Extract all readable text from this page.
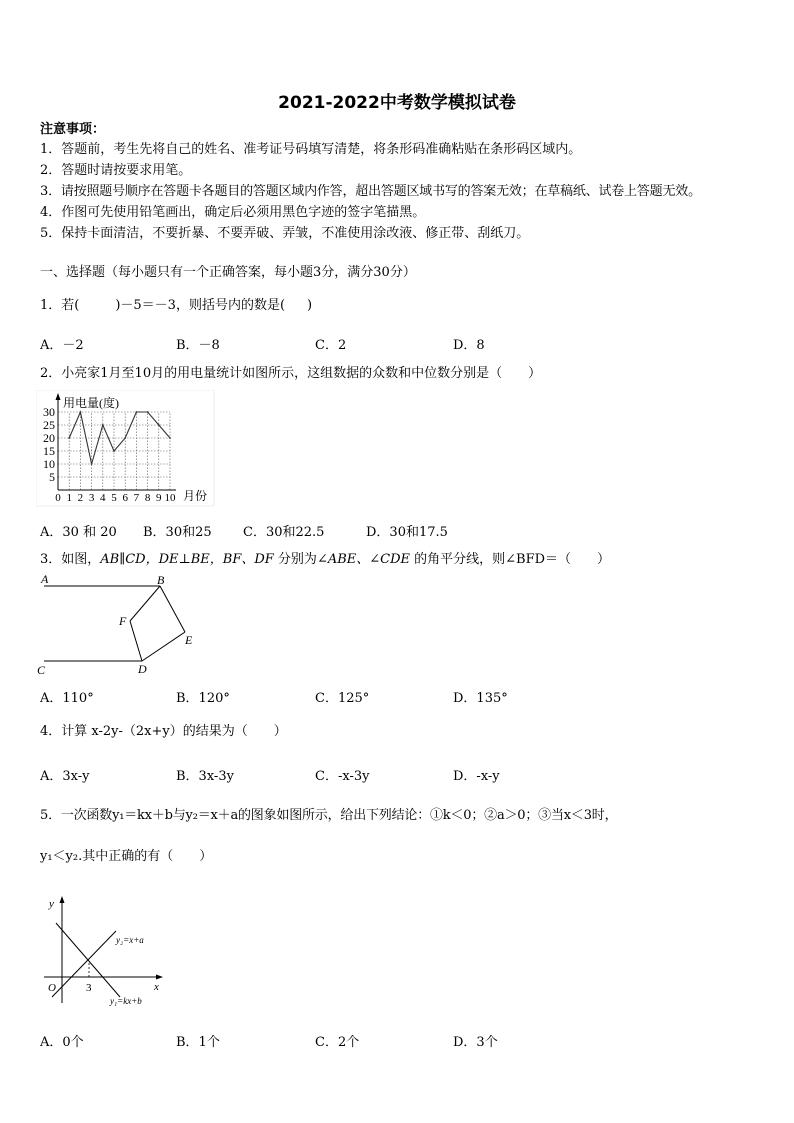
2021-2022中考数学模拟试卷
注意事项：
1．答题前，考生先将自己的姓名、准考证号码填写清楚，将条形码准确粘贴在条形码区域内。
2．答题时请按要求用笔。
3．请按照题号顺序在答题卡各题目的答题区域内作答，超出答题区域书写的答案无效；在草稿纸、试卷上答题无效。
4．作图可先使用铅笔画出，确定后必须用黑色字迹的签字笔描黑。
5．保持卡面清洁，不要折暴、不要弄破、弄皱，不准使用涂改液、修正带、刮纸刀。
一、选择题（每小题只有一个正确答案，每小题3分，满分30分）
1．若(	)－5＝－3，则括号内的数是( )
A．－2	B．－8	C．2	D．8
2．小亮家1月至10月的用电量统计如图所示，这组数据的众数和中位数分别是（　　）
用电量(度)
月份
5
10
15
20
25
30
0 1 2 3 4 5 6 7 8 9 10
A．30 和 20 B．30和25 C．30和22.5	D．30和17.5
3．如图，AB∥CD，DE⊥BE，BF、DF 分别为∠ABE、∠CDE 的角平分线，则∠BFD＝（　　）
A	B
C	D
E
F
A．110°	B．120°	C．125°	D．135°
4．计算 x-2y-（2x+y）的结果为（　　）
A．3x-y	B．3x-3y	C．-x-3y	D．-x-y
5．一次函数y₁＝kx＋b与y₂＝x＋a的图象如图所示，给出下列结论：①k＜0；②a＞0；③当x＜3时，
y₁＜y₂.其中正确的有（　　）
y
x
O	3
y₂=x+a
y₁=kx+b
A．0个	B．1个	C．2个	D．3个
